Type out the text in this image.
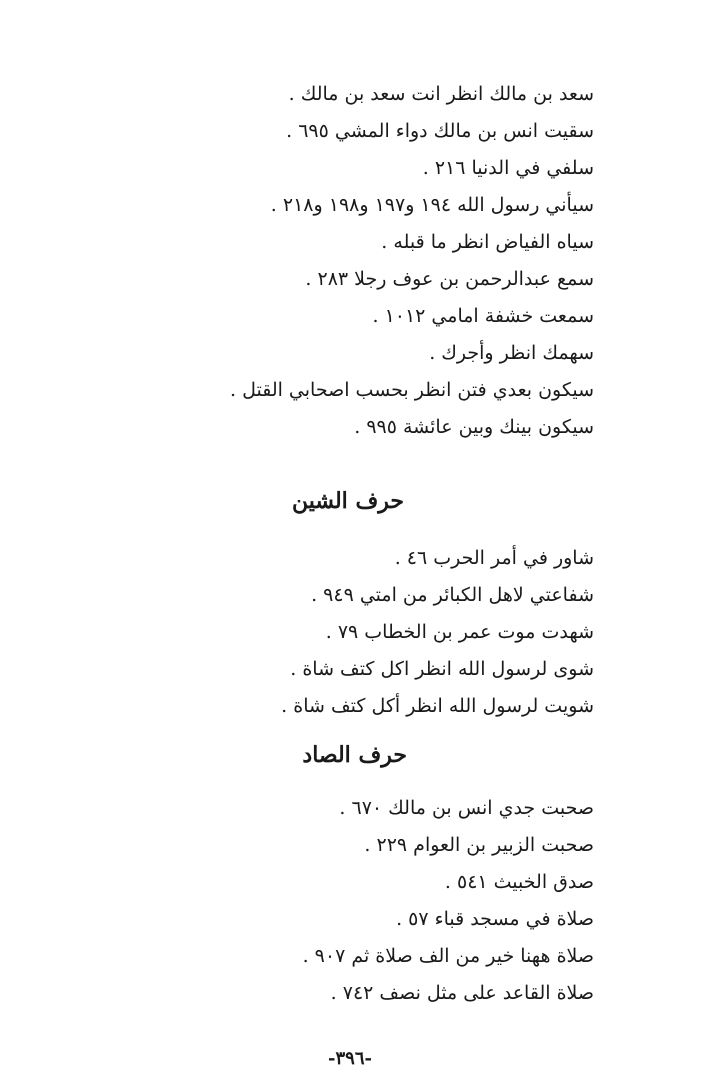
سعد بن مالك انظر انت سعد بن مالك .
سقيت انس بن مالك دواء المشي ٦٩٥ .
سلفي في الدنيا ٢١٦ .
سيأني رسول الله ١٩٤ و١٩٧ و١٩٨ و٢١٨ .
سياه الفياض انظر ما قبله .
سمع عبدالرحمن بن عوف رجلا ٢٨٣ .
سمعت خشفة امامي ١٠١٢ .
سهمك انظر وأجرك .
سيكون بعدي فتن انظر بحسب اصحابي القتل .
سيكون بينك وبين عائشة ٩٩٥ .
حرف الشين
شاور في أمر الحرب ٤٦ .
شفاعتي لاهل الكبائر من امتي ٩٤٩ .
شهدت موت عمر بن الخطاب ٧٩ .
شوى لرسول الله انظر اكل كتف شاة .
شويت لرسول الله انظر أكل كتف شاة .
حرف الصاد
صحبت جدي انس بن مالك ٦٧٠ .
صحبت الزبير بن العوام ٢٢٩ .
صدق الخبيث ٥٤١ .
صلاة في مسجد قباء ٥٧ .
صلاة ههنا خير من الف صلاة ثم ٩٠٧ .
صلاة القاعد على مثل نصف ٧٤٢ .
-٣٩٦-
